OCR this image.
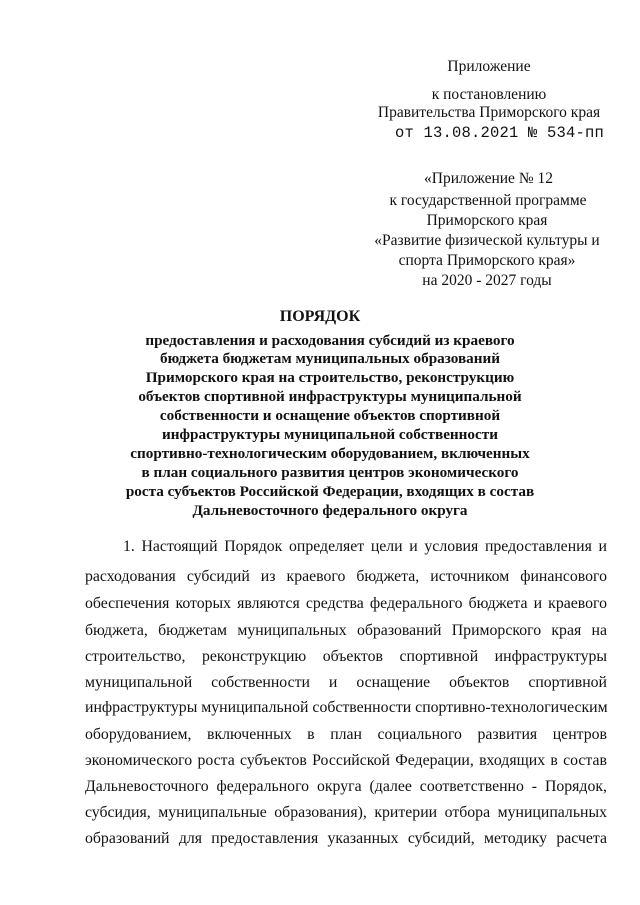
Приложение
к постановлению
Правительства Приморского края
от 13.08.2021 № 534-пп
«Приложение № 12
к государственной программе
Приморского края
«Развитие физической культуры и
спорта Приморского края»
на 2020 - 2027 годы
ПОРЯДОК
предоставления и расходования субсидий из краевого
бюджета бюджетам муниципальных образований
Приморского края на строительство, реконструкцию
объектов спортивной инфраструктуры муниципальной
собственности и оснащение объектов спортивной
инфраструктуры муниципальной собственности
спортивно-технологическим оборудованием, включенных
в план социального развития центров экономического
роста субъектов Российской Федерации, входящих в состав
Дальневосточного федерального округа
1. Настоящий Порядок определяет цели и условия предоставления и
расходования субсидий из краевого бюджета, источником финансового
обеспечения которых являются средства федерального бюджета и краевого
бюджета, бюджетам муниципальных образований Приморского края на
строительство, реконструкцию объектов спортивной инфраструктуры
муниципальной собственности и оснащение объектов спортивной
инфраструктуры муниципальной собственности спортивно-технологическим
оборудованием, включенных в план социального развития центров
экономического роста субъектов Российской Федерации, входящих в состав
Дальневосточного федерального округа (далее соответственно - Порядок,
субсидия, муниципальные образования), критерии отбора муниципальных
образований для предоставления указанных субсидий, методику расчета
